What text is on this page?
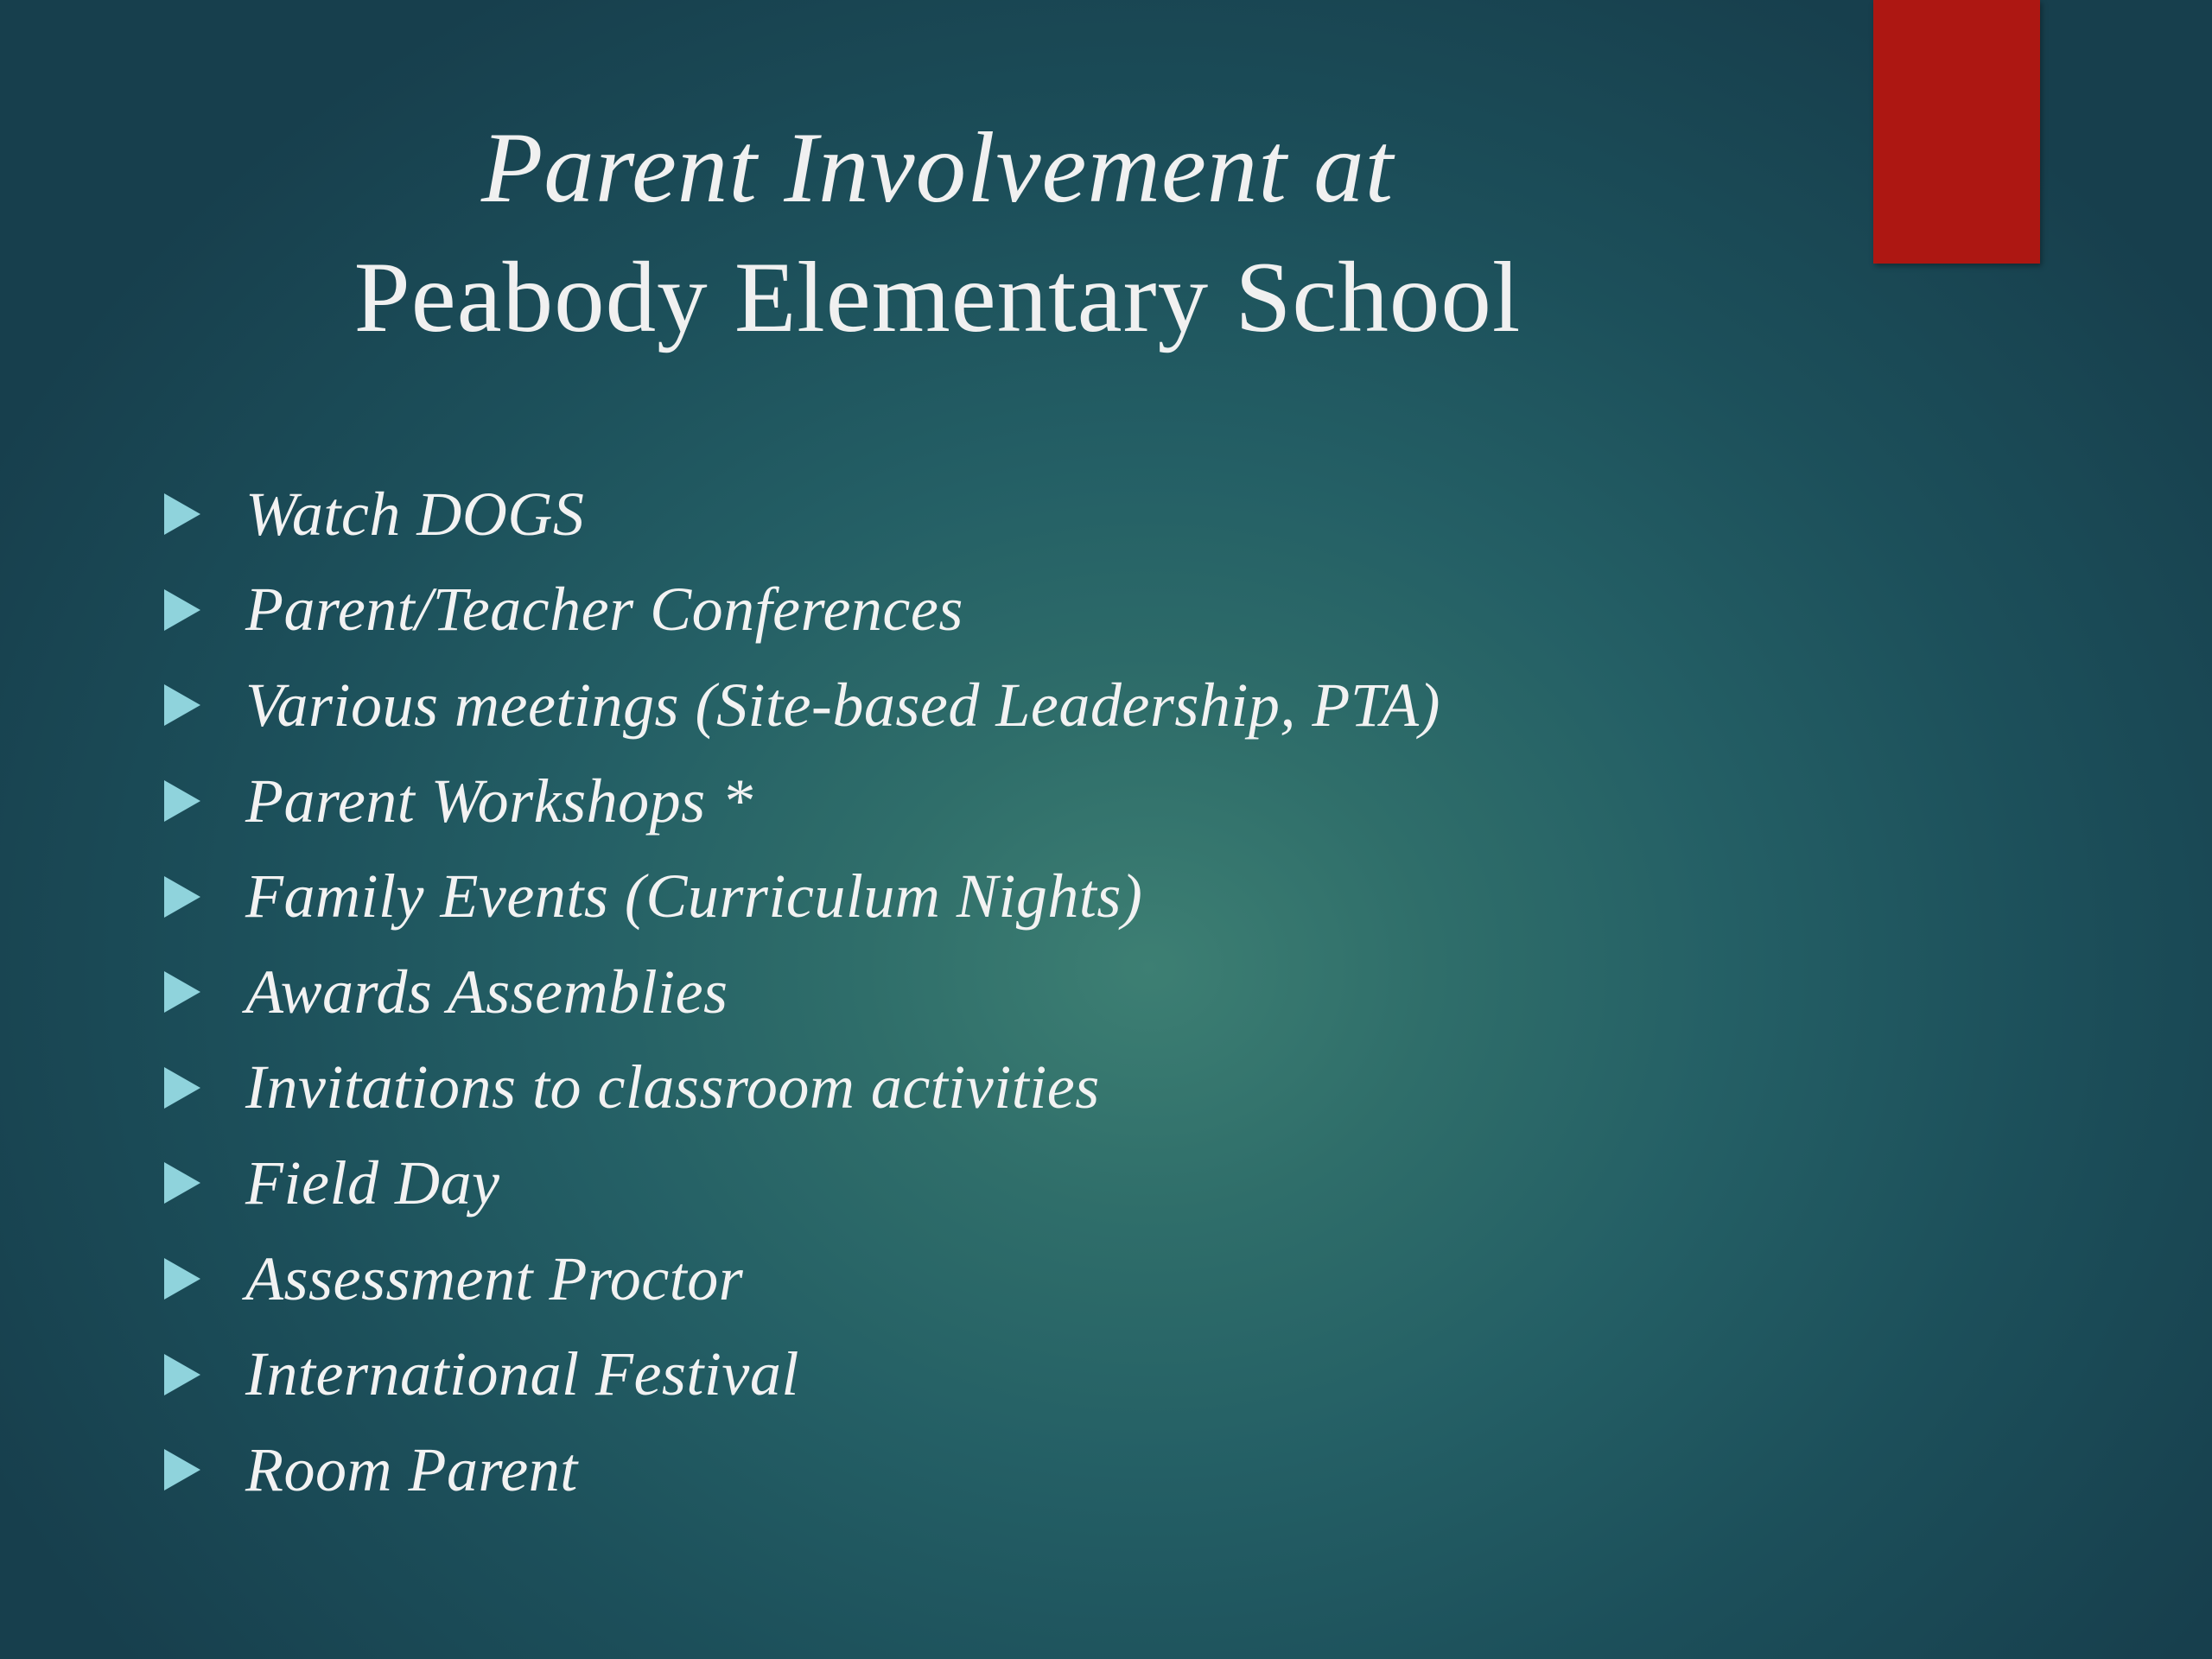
Parent Involvement at
Peabody Elementary School
Watch DOGS
Parent/Teacher Conferences
Various meetings (Site-based Leadership, PTA)
Parent Workshops *
Family Events (Curriculum Nights)
Awards Assemblies
Invitations to classroom activities
Field Day
Assessment Proctor
International Festival
Room Parent
